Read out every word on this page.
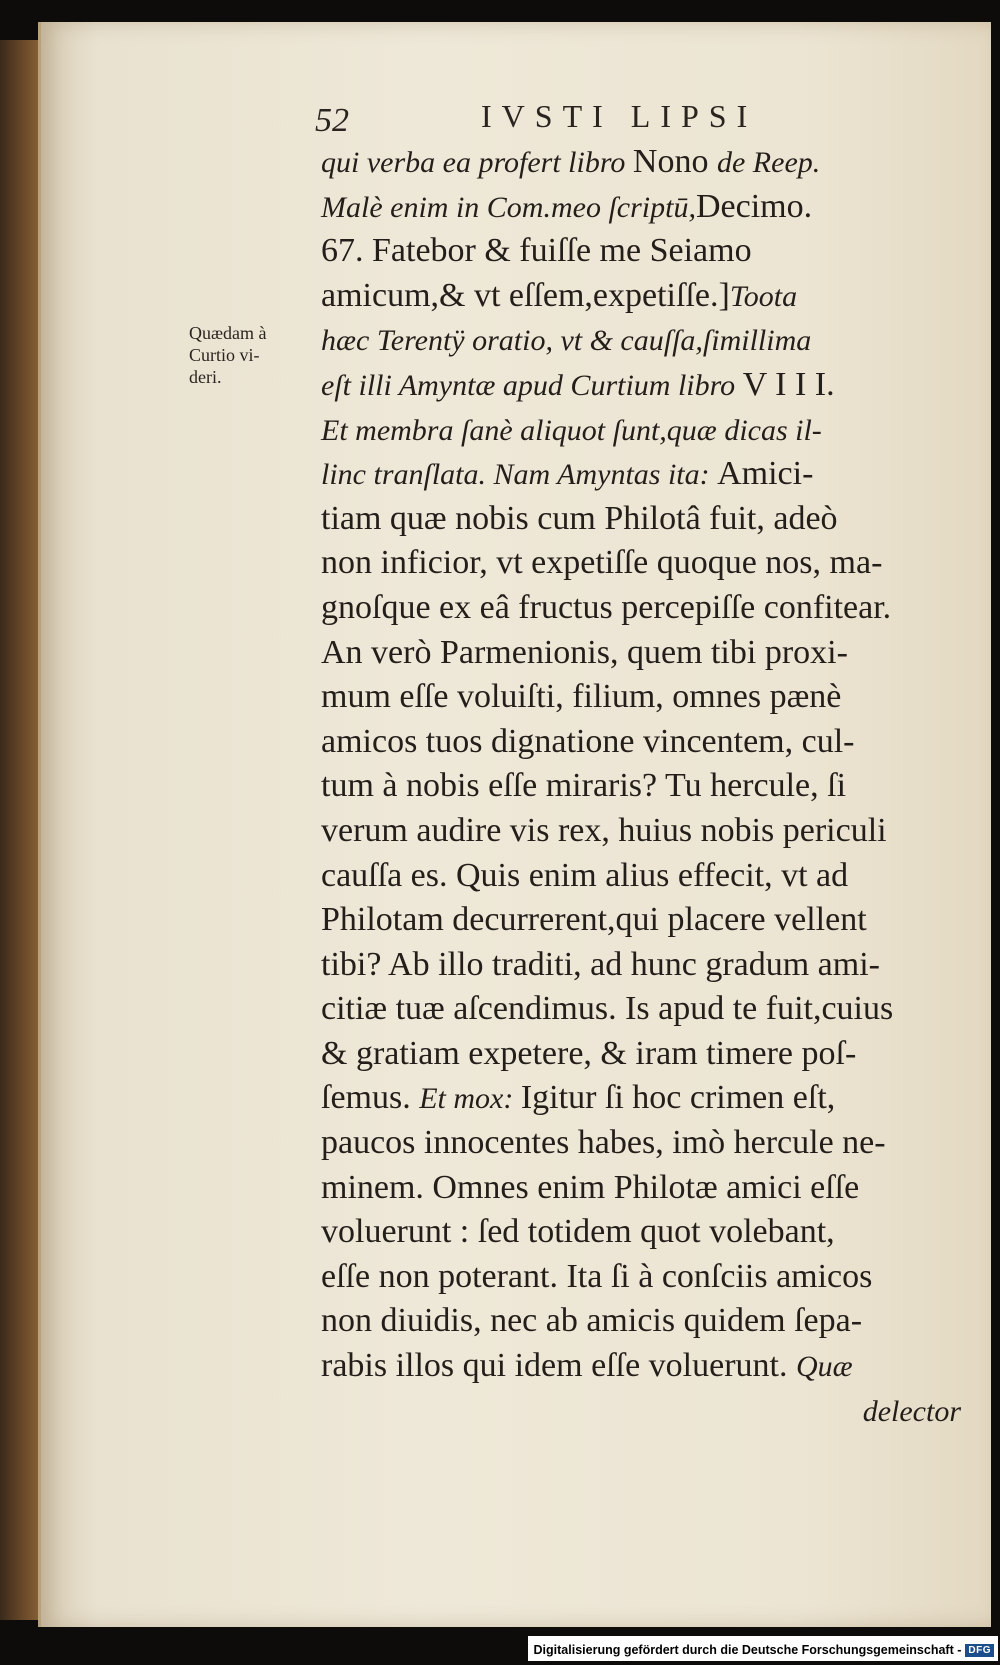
52	IVSTI LIPSI
Quædam à
Curtio vi-
deri.
qui verba ea profert libro Nono de Reep.
Malè enim in Com.meo ſcriptū,Decimo.
67. Fatebor & fuiſſe me Seiamo
amicum,& vt eſſem,expetiſſe.]Toota
hæc Terentÿ oratio, vt & cauſſa,ſimillima
eſt illi Amyntæ apud Curtium libro V I I I.
Et membra ſanè aliquot ſunt,quæ dicas il-
linc tranſlata. Nam Amyntas ita: Amici-
tiam quæ nobis cum Philotâ fuit, adeò
non inficior, vt expetiſſe quoque nos, ma-
gnoſque ex eâ fructus percepiſſe confitear.
An verò Parmenionis, quem tibi proxi-
mum eſſe voluiſti, filium, omnes pænè
amicos tuos dignatione vincentem, cul-
tum à nobis eſſe miraris? Tu hercule, ſi
verum audire vis rex, huius nobis periculi
cauſſa es. Quis enim alius effecit, vt ad
Philotam decurrerent,qui placere vellent
tibi? Ab illo traditi, ad hunc gradum ami-
citiæ tuæ aſcendimus. Is apud te fuit,cuius
& gratiam expetere, & iram timere poſ-
ſemus. Et mox: Igitur ſi hoc crimen eſt,
paucos innocentes habes, imò hercule ne-
minem. Omnes enim Philotæ amici eſſe
voluerunt : ſed totidem quot volebant,
eſſe non poterant. Ita ſi à conſciis amicos
non diuidis, nec ab amicis quidem ſepa-
rabis illos qui idem eſſe voluerunt. Quæ
delector
Digitalisierung gefördert durch die Deutsche Forschungsgemeinschaft - DFG
